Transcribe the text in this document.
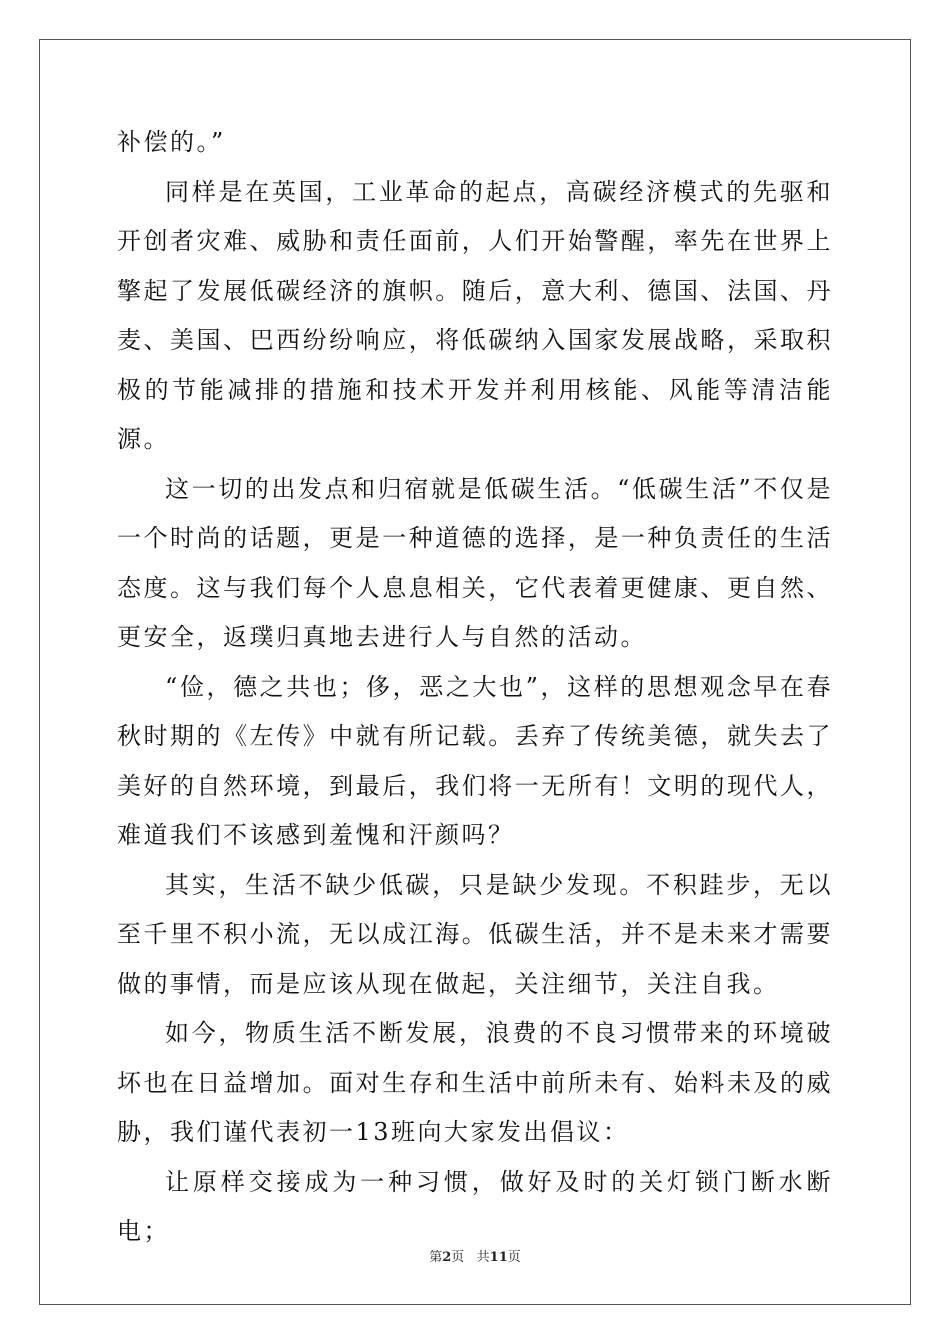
补偿的。”

同样是在英国，工业革命的起点，高碳经济模式的先驱和开创者灾难、威胁和责任面前，人们开始警醒，率先在世界上擎起了发展低碳经济的旗帜。随后，意大利、德国、法国、丹麦、美国、巴西纷纷响应，将低碳纳入国家发展战略，采取积极的节能减排的措施和技术开发并利用核能、风能等清洁能源。

这一切的出发点和归宿就是低碳生活。“低碳生活”不仅是一个时尚的话题，更是一种道德的选择，是一种负责任的生活态度。这与我们每个人息息相关，它代表着更健康、更自然、更安全，返璞归真地去进行人与自然的活动。

“俭，德之共也；侈，恶之大也”，这样的思想观念早在春秋时期的《左传》中就有所记载。丢弃了传统美德，就失去了美好的自然环境，到最后，我们将一无所有！文明的现代人，难道我们不该感到羞愧和汗颜吗？

其实，生活不缺少低碳，只是缺少发现。不积跬步，无以至千里不积小流，无以成江海。低碳生活，并不是未来才需要做的事情，而是应该从现在做起，关注细节，关注自我。

如今，物质生活不断发展，浪费的不良习惯带来的环境破坏也在日益增加。面对生存和生活中前所未有、始料未及的威胁，我们谨代表初一13班向大家发出倡议：

让原样交接成为一种习惯，做好及时的关灯锁门断水断电；

第2页   共11页
